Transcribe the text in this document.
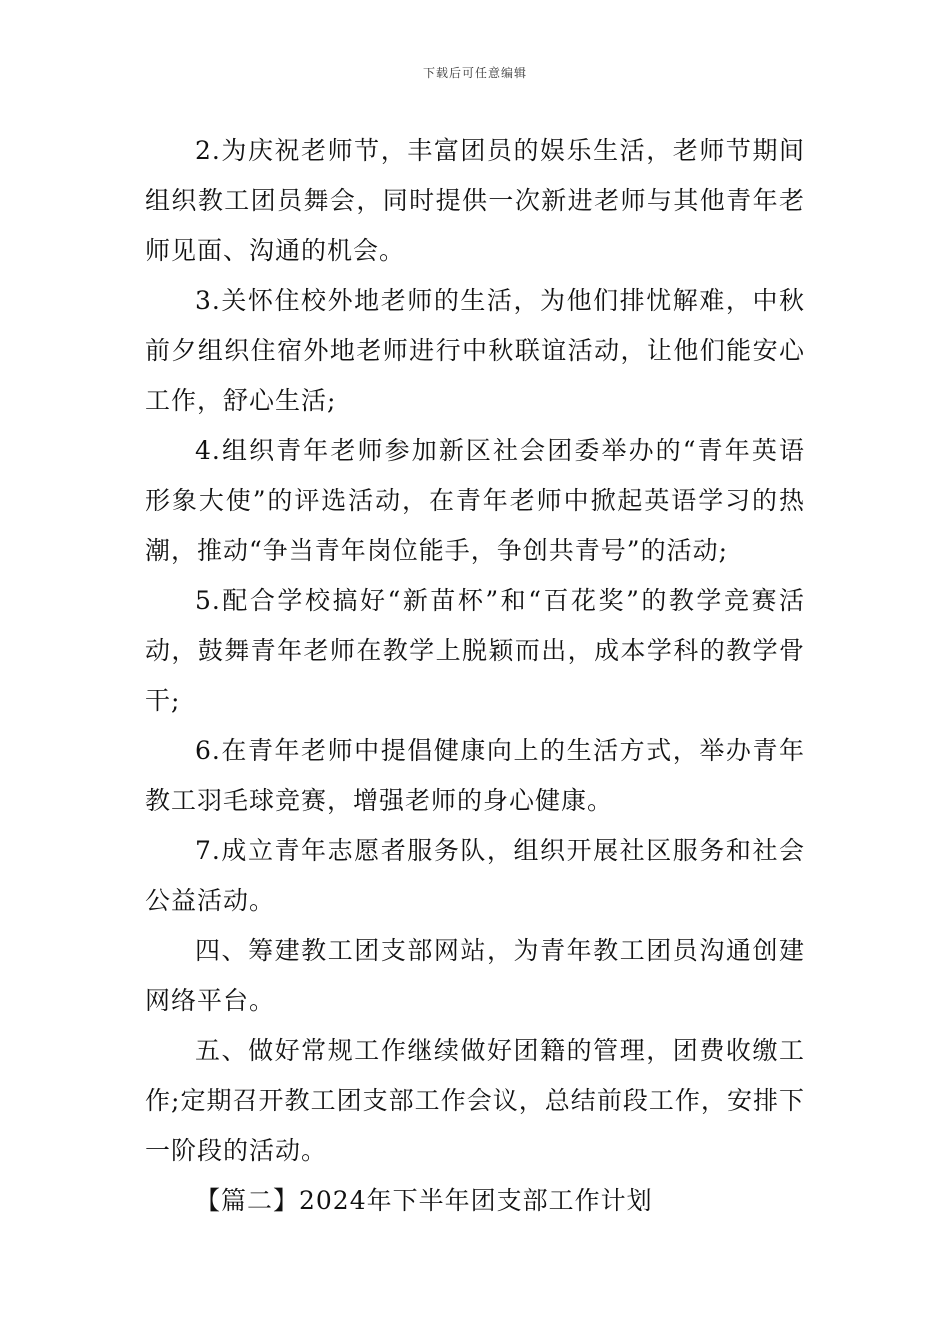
下载后可任意编辑

2.为庆祝老师节，丰富团员的娱乐生活，老师节期间组织教工团员舞会，同时提供一次新进老师与其他青年老师见面、沟通的机会。

3.关怀住校外地老师的生活，为他们排忧解难，中秋前夕组织住宿外地老师进行中秋联谊活动，让他们能安心工作，舒心生活;

4.组织青年老师参加新区社会团委举办的“青年英语形象大使”的评选活动，在青年老师中掀起英语学习的热潮，推动“争当青年岗位能手，争创共青号”的活动;

5.配合学校搞好“新苗杯”和“百花奖”的教学竞赛活动，鼓舞青年老师在教学上脱颖而出，成本学科的教学骨干;

6.在青年老师中提倡健康向上的生活方式，举办青年教工羽毛球竞赛，增强老师的身心健康。

7.成立青年志愿者服务队，组织开展社区服务和社会公益活动。

四、筹建教工团支部网站，为青年教工团员沟通创建网络平台。

五、做好常规工作继续做好团籍的管理，团费收缴工作;定期召开教工团支部工作会议，总结前段工作，安排下一阶段的活动。

【篇二】2024年下半年团支部工作计划
